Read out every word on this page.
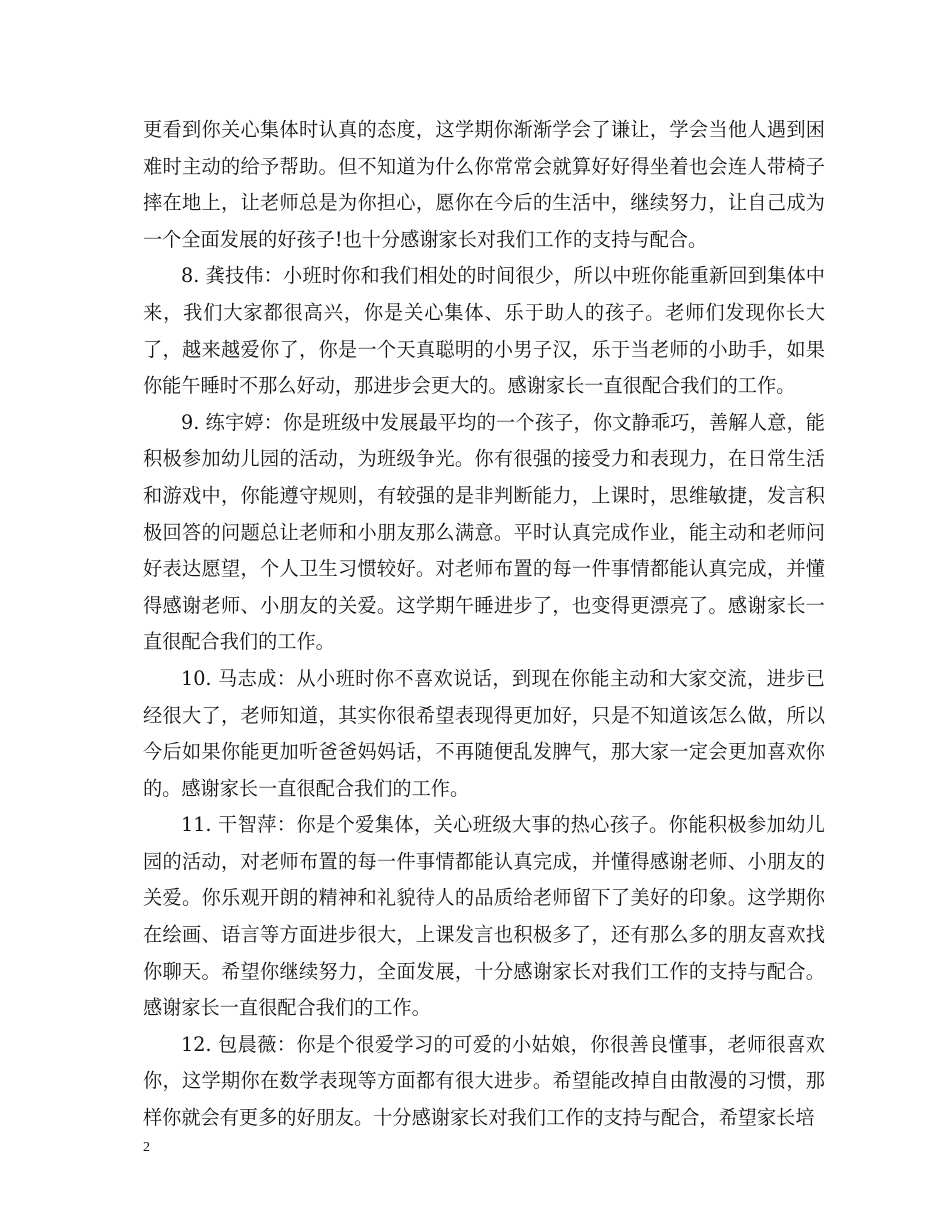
更看到你关心集体时认真的态度，这学期你渐渐学会了谦让，学会当他人遇到困难时主动的给予帮助。但不知道为什么你常常会就算好好得坐着也会连人带椅子摔在地上，让老师总是为你担心，愿你在今后的生活中，继续努力，让自己成为一个全面发展的好孩子!也十分感谢家长对我们工作的支持与配合。

8. 龚技伟：小班时你和我们相处的时间很少，所以中班你能重新回到集体中来，我们大家都很高兴，你是关心集体、乐于助人的孩子。老师们发现你长大了，越来越爱你了，你是一个天真聪明的小男子汉，乐于当老师的小助手，如果你能午睡时不那么好动，那进步会更大的。感谢家长一直很配合我们的工作。

9. 练宇婷：你是班级中发展最平均的一个孩子，你文静乖巧，善解人意，能积极参加幼儿园的活动，为班级争光。你有很强的接受力和表现力，在日常生活和游戏中，你能遵守规则，有较强的是非判断能力，上课时，思维敏捷，发言积极回答的问题总让老师和小朋友那么满意。平时认真完成作业，能主动和老师问好表达愿望，个人卫生习惯较好。对老师布置的每一件事情都能认真完成，并懂得感谢老师、小朋友的关爱。这学期午睡进步了，也变得更漂亮了。感谢家长一直很配合我们的工作。

10. 马志成：从小班时你不喜欢说话，到现在你能主动和大家交流，进步已经很大了，老师知道，其实你很希望表现得更加好，只是不知道该怎么做，所以今后如果你能更加听爸爸妈妈话，不再随便乱发脾气，那大家一定会更加喜欢你的。感谢家长一直很配合我们的工作。

11. 干智萍：你是个爱集体，关心班级大事的热心孩子。你能积极参加幼儿园的活动，对老师布置的每一件事情都能认真完成，并懂得感谢老师、小朋友的关爱。你乐观开朗的精神和礼貌待人的品质给老师留下了美好的印象。这学期你在绘画、语言等方面进步很大，上课发言也积极多了，还有那么多的朋友喜欢找你聊天。希望你继续努力，全面发展，十分感谢家长对我们工作的支持与配合。感谢家长一直很配合我们的工作。

12. 包晨薇：你是个很爱学习的可爱的小姑娘，你很善良懂事，老师很喜欢你，这学期你在数学表现等方面都有很大进步。希望能改掉自由散漫的习惯，那样你就会有更多的好朋友。十分感谢家长对我们工作的支持与配合，希望家长培

2
